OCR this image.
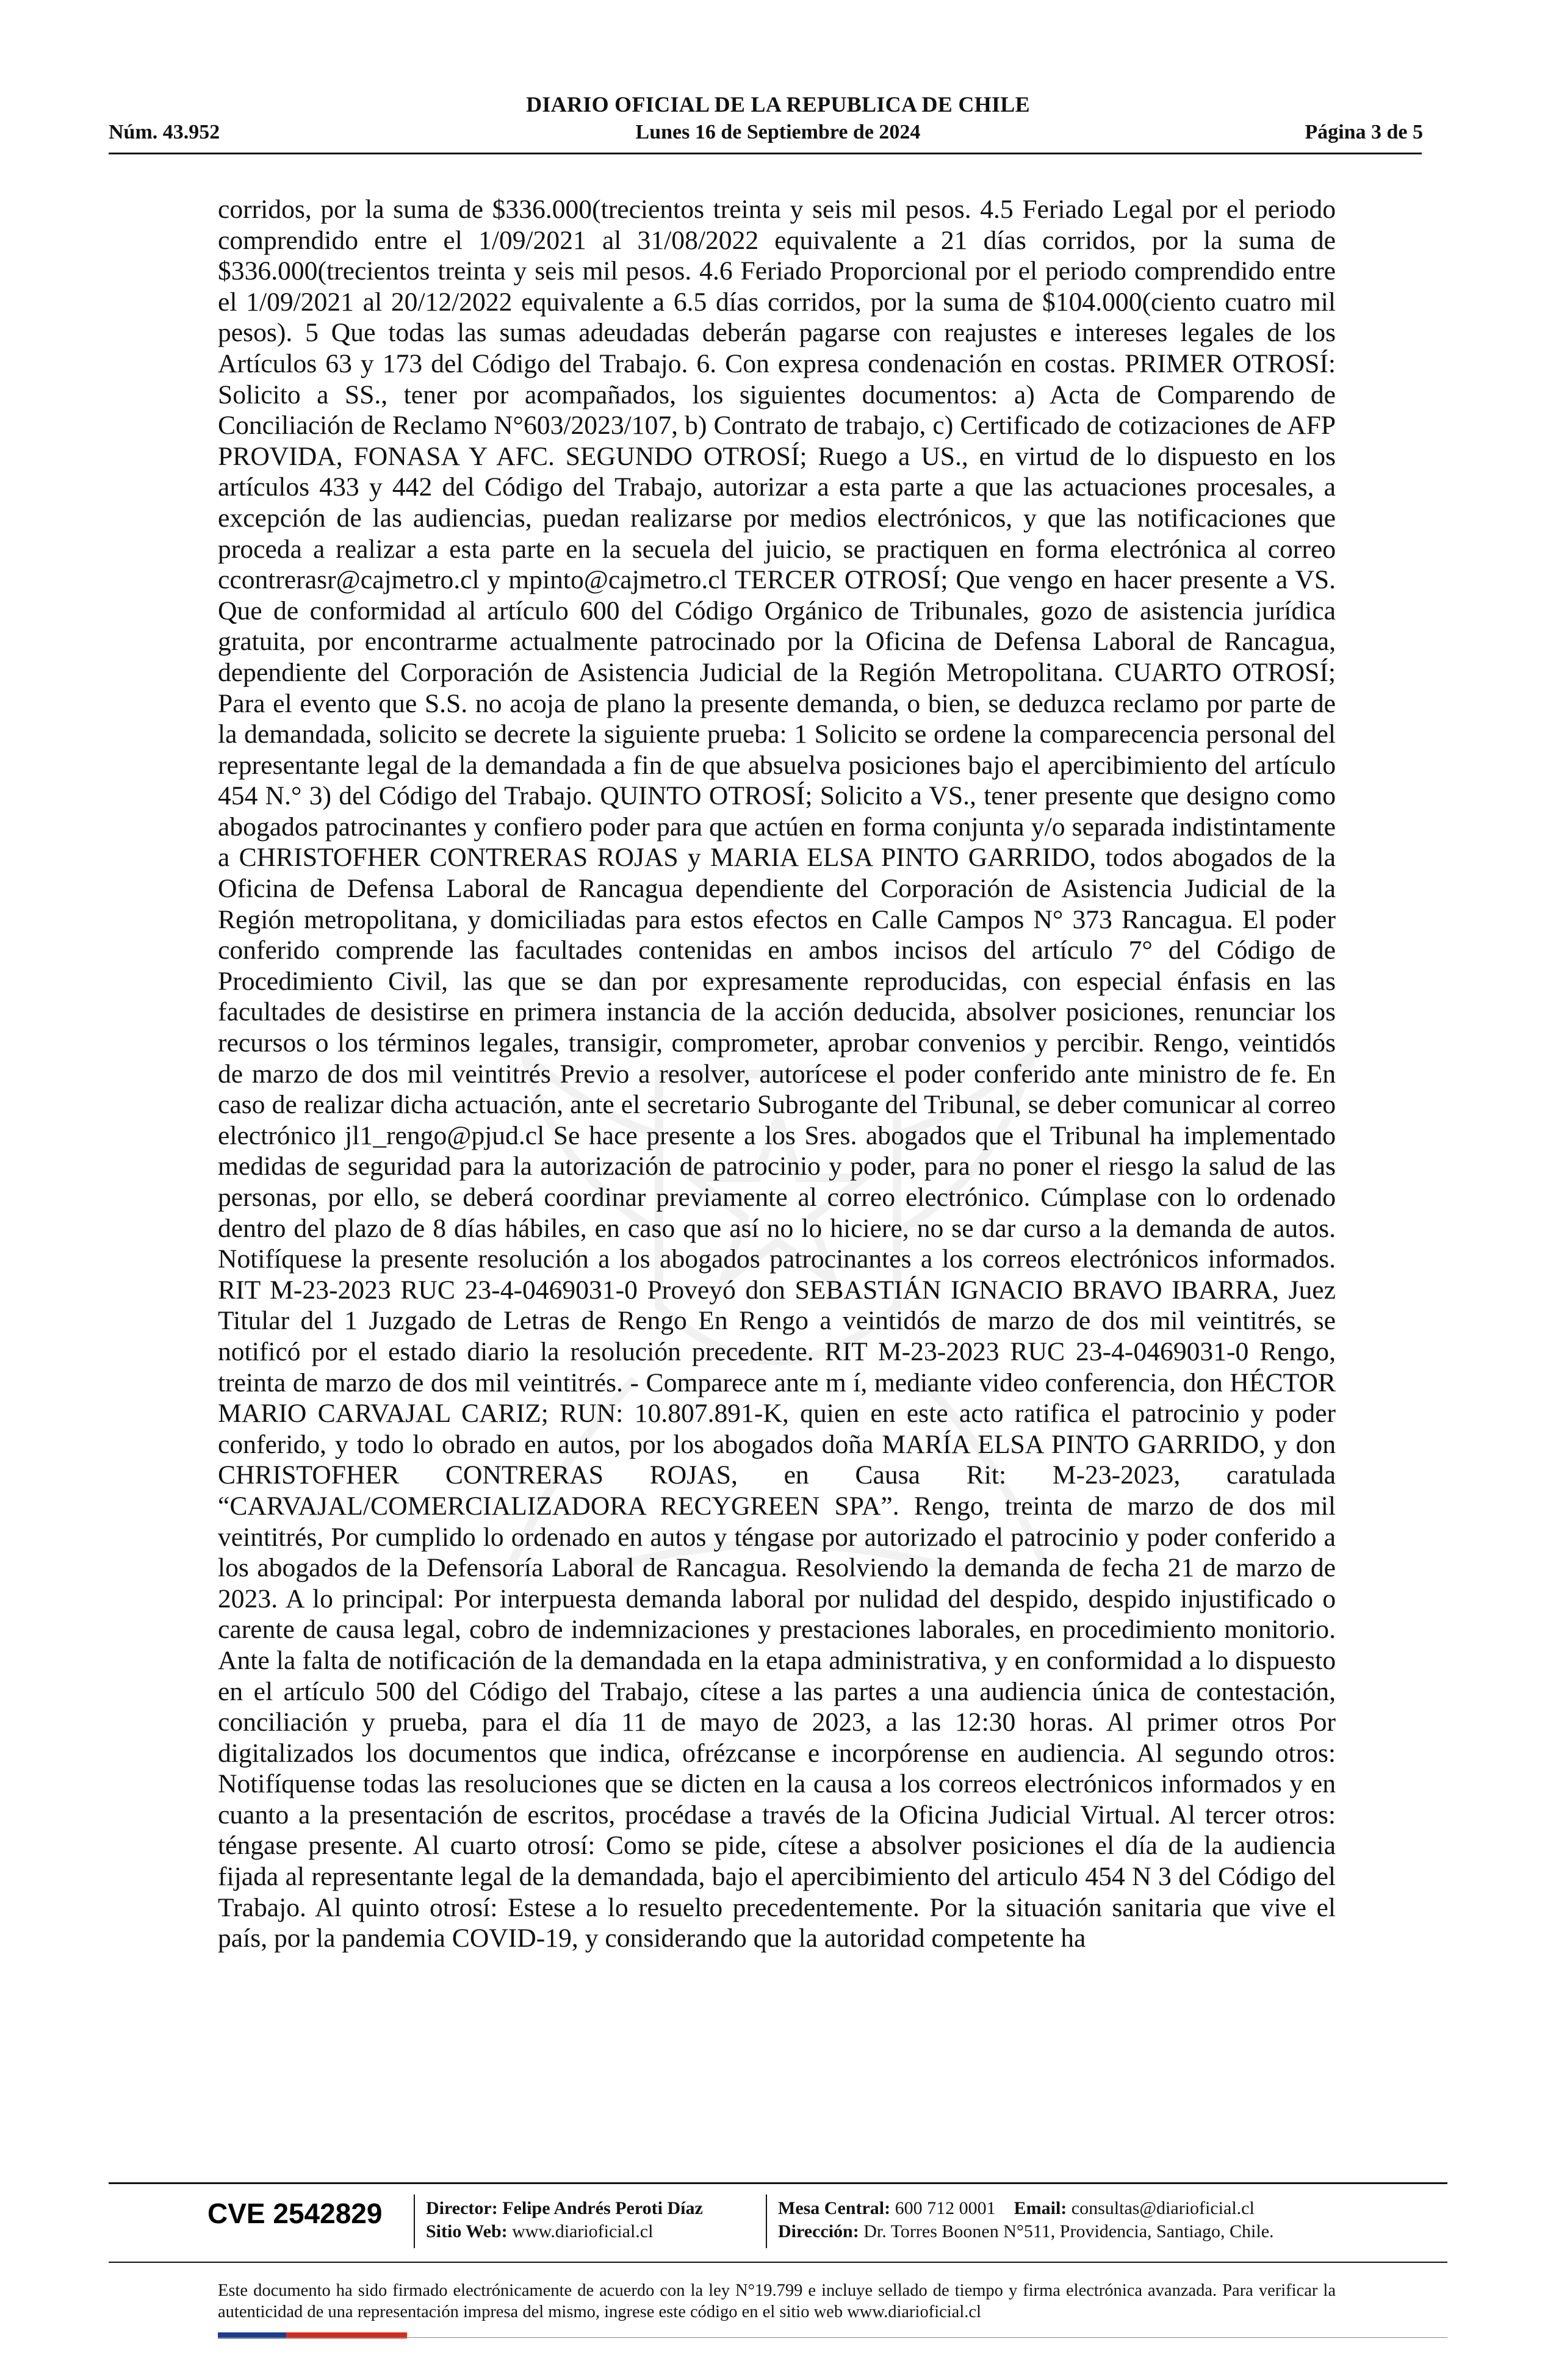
DIARIO OFICIAL DE LA REPUBLICA DE CHILE
Núm. 43.952	Lunes 16 de Septiembre de 2024	Página 3 de 5

corridos, por la suma de $336.000(trecientos treinta y seis mil pesos. 4.5 Feriado Legal por el periodo comprendido entre el 1/09/2021 al 31/08/2022 equivalente a 21 días corridos, por la suma de $336.000(trecientos treinta y seis mil pesos. 4.6 Feriado Proporcional por el periodo comprendido entre el 1/09/2021 al 20/12/2022 equivalente a 6.5 días corridos, por la suma de $104.000(ciento cuatro mil pesos). 5 Que todas las sumas adeudadas deberán pagarse con reajustes e intereses legales de los Artículos 63 y 173 del Código del Trabajo. 6. Con expresa condenación en costas. PRIMER OTROSÍ: Solicito a SS., tener por acompañados, los siguientes documentos: a) Acta de Comparendo de Conciliación de Reclamo N°603/2023/107, b) Contrato de trabajo, c) Certificado de cotizaciones de AFP PROVIDA, FONASA Y AFC. SEGUNDO OTROSÍ; Ruego a US., en virtud de lo dispuesto en los artículos 433 y 442 del Código del Trabajo, autorizar a esta parte a que las actuaciones procesales, a excepción de las audiencias, puedan realizarse por medios electrónicos, y que las notificaciones que proceda a realizar a esta parte en la secuela del juicio, se practiquen en forma electrónica al correo ccontrerasr@cajmetro.cl y mpinto@cajmetro.cl TERCER OTROSÍ; Que vengo en hacer presente a VS. Que de conformidad al artículo 600 del Código Orgánico de Tribunales, gozo de asistencia jurídica gratuita, por encontrarme actualmente patrocinado por la Oficina de Defensa Laboral de Rancagua, dependiente del Corporación de Asistencia Judicial de la Región Metropolitana. CUARTO OTROSÍ; Para el evento que S.S. no acoja de plano la presente demanda, o bien, se deduzca reclamo por parte de la demandada, solicito se decrete la siguiente prueba: 1 Solicito se ordene la comparecencia personal del representante legal de la demandada a fin de que absuelva posiciones bajo el apercibimiento del artículo 454 N.° 3) del Código del Trabajo. QUINTO OTROSÍ; Solicito a VS., tener presente que designo como abogados patrocinantes y confiero poder para que actúen en forma conjunta y/o separada indistintamente a CHRISTOFHER CONTRERAS ROJAS y MARIA ELSA PINTO GARRIDO, todos abogados de la Oficina de Defensa Laboral de Rancagua dependiente del Corporación de Asistencia Judicial de la Región metropolitana, y domiciliadas para estos efectos en Calle Campos N° 373 Rancagua. El poder conferido comprende las facultades contenidas en ambos incisos del artículo 7° del Código de Procedimiento Civil, las que se dan por expresamente reproducidas, con especial énfasis en las facultades de desistirse en primera instancia de la acción deducida, absolver posiciones, renunciar los recursos o los términos legales, transigir, comprometer, aprobar convenios y percibir. Rengo, veintidós de marzo de dos mil veintitrés Previo a resolver, autorícese el poder conferido ante ministro de fe. En caso de realizar dicha actuación, ante el secretario Subrogante del Tribunal, se deber comunicar al correo electrónico jl1_rengo@pjud.cl Se hace presente a los Sres. abogados que el Tribunal ha implementado medidas de seguridad para la autorización de patrocinio y poder, para no poner el riesgo la salud de las personas, por ello, se deberá coordinar previamente al correo electrónico. Cúmplase con lo ordenado dentro del plazo de 8 días hábiles, en caso que así no lo hiciere, no se dar curso a la demanda de autos. Notifíquese la presente resolución a los abogados patrocinantes a los correos electrónicos informados. RIT M-23-2023 RUC 23-4-0469031-0 Proveyó don SEBASTIÁN IGNACIO BRAVO IBARRA, Juez Titular del 1 Juzgado de Letras de Rengo En Rengo a veintidós de marzo de dos mil veintitrés, se notificó por el estado diario la resolución precedente. RIT M-23-2023 RUC 23-4-0469031-0 Rengo, treinta de marzo de dos mil veintitrés. - Comparece ante m í, mediante video conferencia, don HÉCTOR MARIO CARVAJAL CARIZ; RUN: 10.807.891-K, quien en este acto ratifica el patrocinio y poder conferido, y todo lo obrado en autos, por los abogados doña MARÍA ELSA PINTO GARRIDO, y don CHRISTOFHER CONTRERAS ROJAS, en Causa Rit: M-23-2023, caratulada “CARVAJAL/COMERCIALIZADORA RECYGREEN SPA”. Rengo, treinta de marzo de dos mil veintitrés, Por cumplido lo ordenado en autos y téngase por autorizado el patrocinio y poder conferido a los abogados de la Defensoría Laboral de Rancagua. Resolviendo la demanda de fecha 21 de marzo de 2023. A lo principal: Por interpuesta demanda laboral por nulidad del despido, despido injustificado o carente de causa legal, cobro de indemnizaciones y prestaciones laborales, en procedimiento monitorio. Ante la falta de notificación de la demandada en la etapa administrativa, y en conformidad a lo dispuesto en el artículo 500 del Código del Trabajo, cítese a las partes a una audiencia única de contestación, conciliación y prueba, para el día 11 de mayo de 2023, a las 12:30 horas. Al primer otros Por digitalizados los documentos que indica, ofrézcanse e incorpórense en audiencia. Al segundo otros: Notifíquense todas las resoluciones que se dicten en la causa a los correos electrónicos informados y en cuanto a la presentación de escritos, procédase a través de la Oficina Judicial Virtual. Al tercer otros: téngase presente. Al cuarto otrosí: Como se pide, cítese a absolver posiciones el día de la audiencia fijada al representante legal de la demandada, bajo el apercibimiento del articulo 454 N 3 del Código del Trabajo. Al quinto otrosí: Estese a lo resuelto precedentemente. Por la situación sanitaria que vive el país, por la pandemia COVID-19, y considerando que la autoridad competente ha

CVE 2542829 Director: Felipe Andrés Peroti Díaz
Sitio Web: www.diarioficial.cl
Mesa Central: 600 712 0001 Email: consultas@diarioficial.cl
Dirección: Dr. Torres Boonen N°511, Providencia, Santiago, Chile.
Este documento ha sido firmado electrónicamente de acuerdo con la ley N°19.799 e incluye sellado de tiempo y firma electrónica avanzada. Para verificar la autenticidad de una representación impresa del mismo, ingrese este código en el sitio web www.diarioficial.cl
